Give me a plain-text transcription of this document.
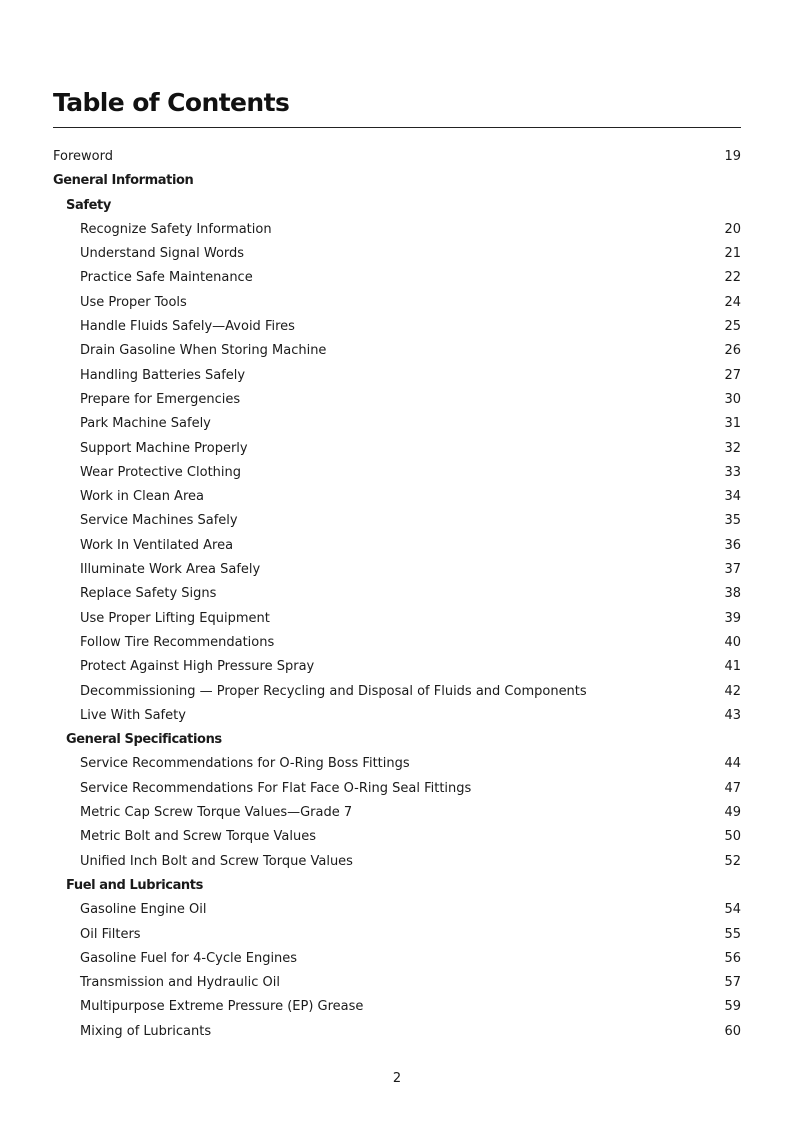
Table of Contents
Foreword	19
General Information
Safety
Recognize Safety Information	20
Understand Signal Words	21
Practice Safe Maintenance	22
Use Proper Tools	24
Handle Fluids Safely—Avoid Fires	25
Drain Gasoline When Storing Machine	26
Handling Batteries Safely	27
Prepare for Emergencies	30
Park Machine Safely	31
Support Machine Properly	32
Wear Protective Clothing	33
Work in Clean Area	34
Service Machines Safely	35
Work In Ventilated Area	36
Illuminate Work Area Safely	37
Replace Safety Signs	38
Use Proper Lifting Equipment	39
Follow Tire Recommendations	40
Protect Against High Pressure Spray	41
Decommissioning — Proper Recycling and Disposal of Fluids and Components	42
Live With Safety	43
General Specifications
Service Recommendations for O-Ring Boss Fittings	44
Service Recommendations For Flat Face O-Ring Seal Fittings	47
Metric Cap Screw Torque Values—Grade 7	49
Metric Bolt and Screw Torque Values	50
Unified Inch Bolt and Screw Torque Values	52
Fuel and Lubricants
Gasoline Engine Oil	54
Oil Filters	55
Gasoline Fuel for 4-Cycle Engines	56
Transmission and Hydraulic Oil	57
Multipurpose Extreme Pressure (EP) Grease	59
Mixing of Lubricants	60
2
